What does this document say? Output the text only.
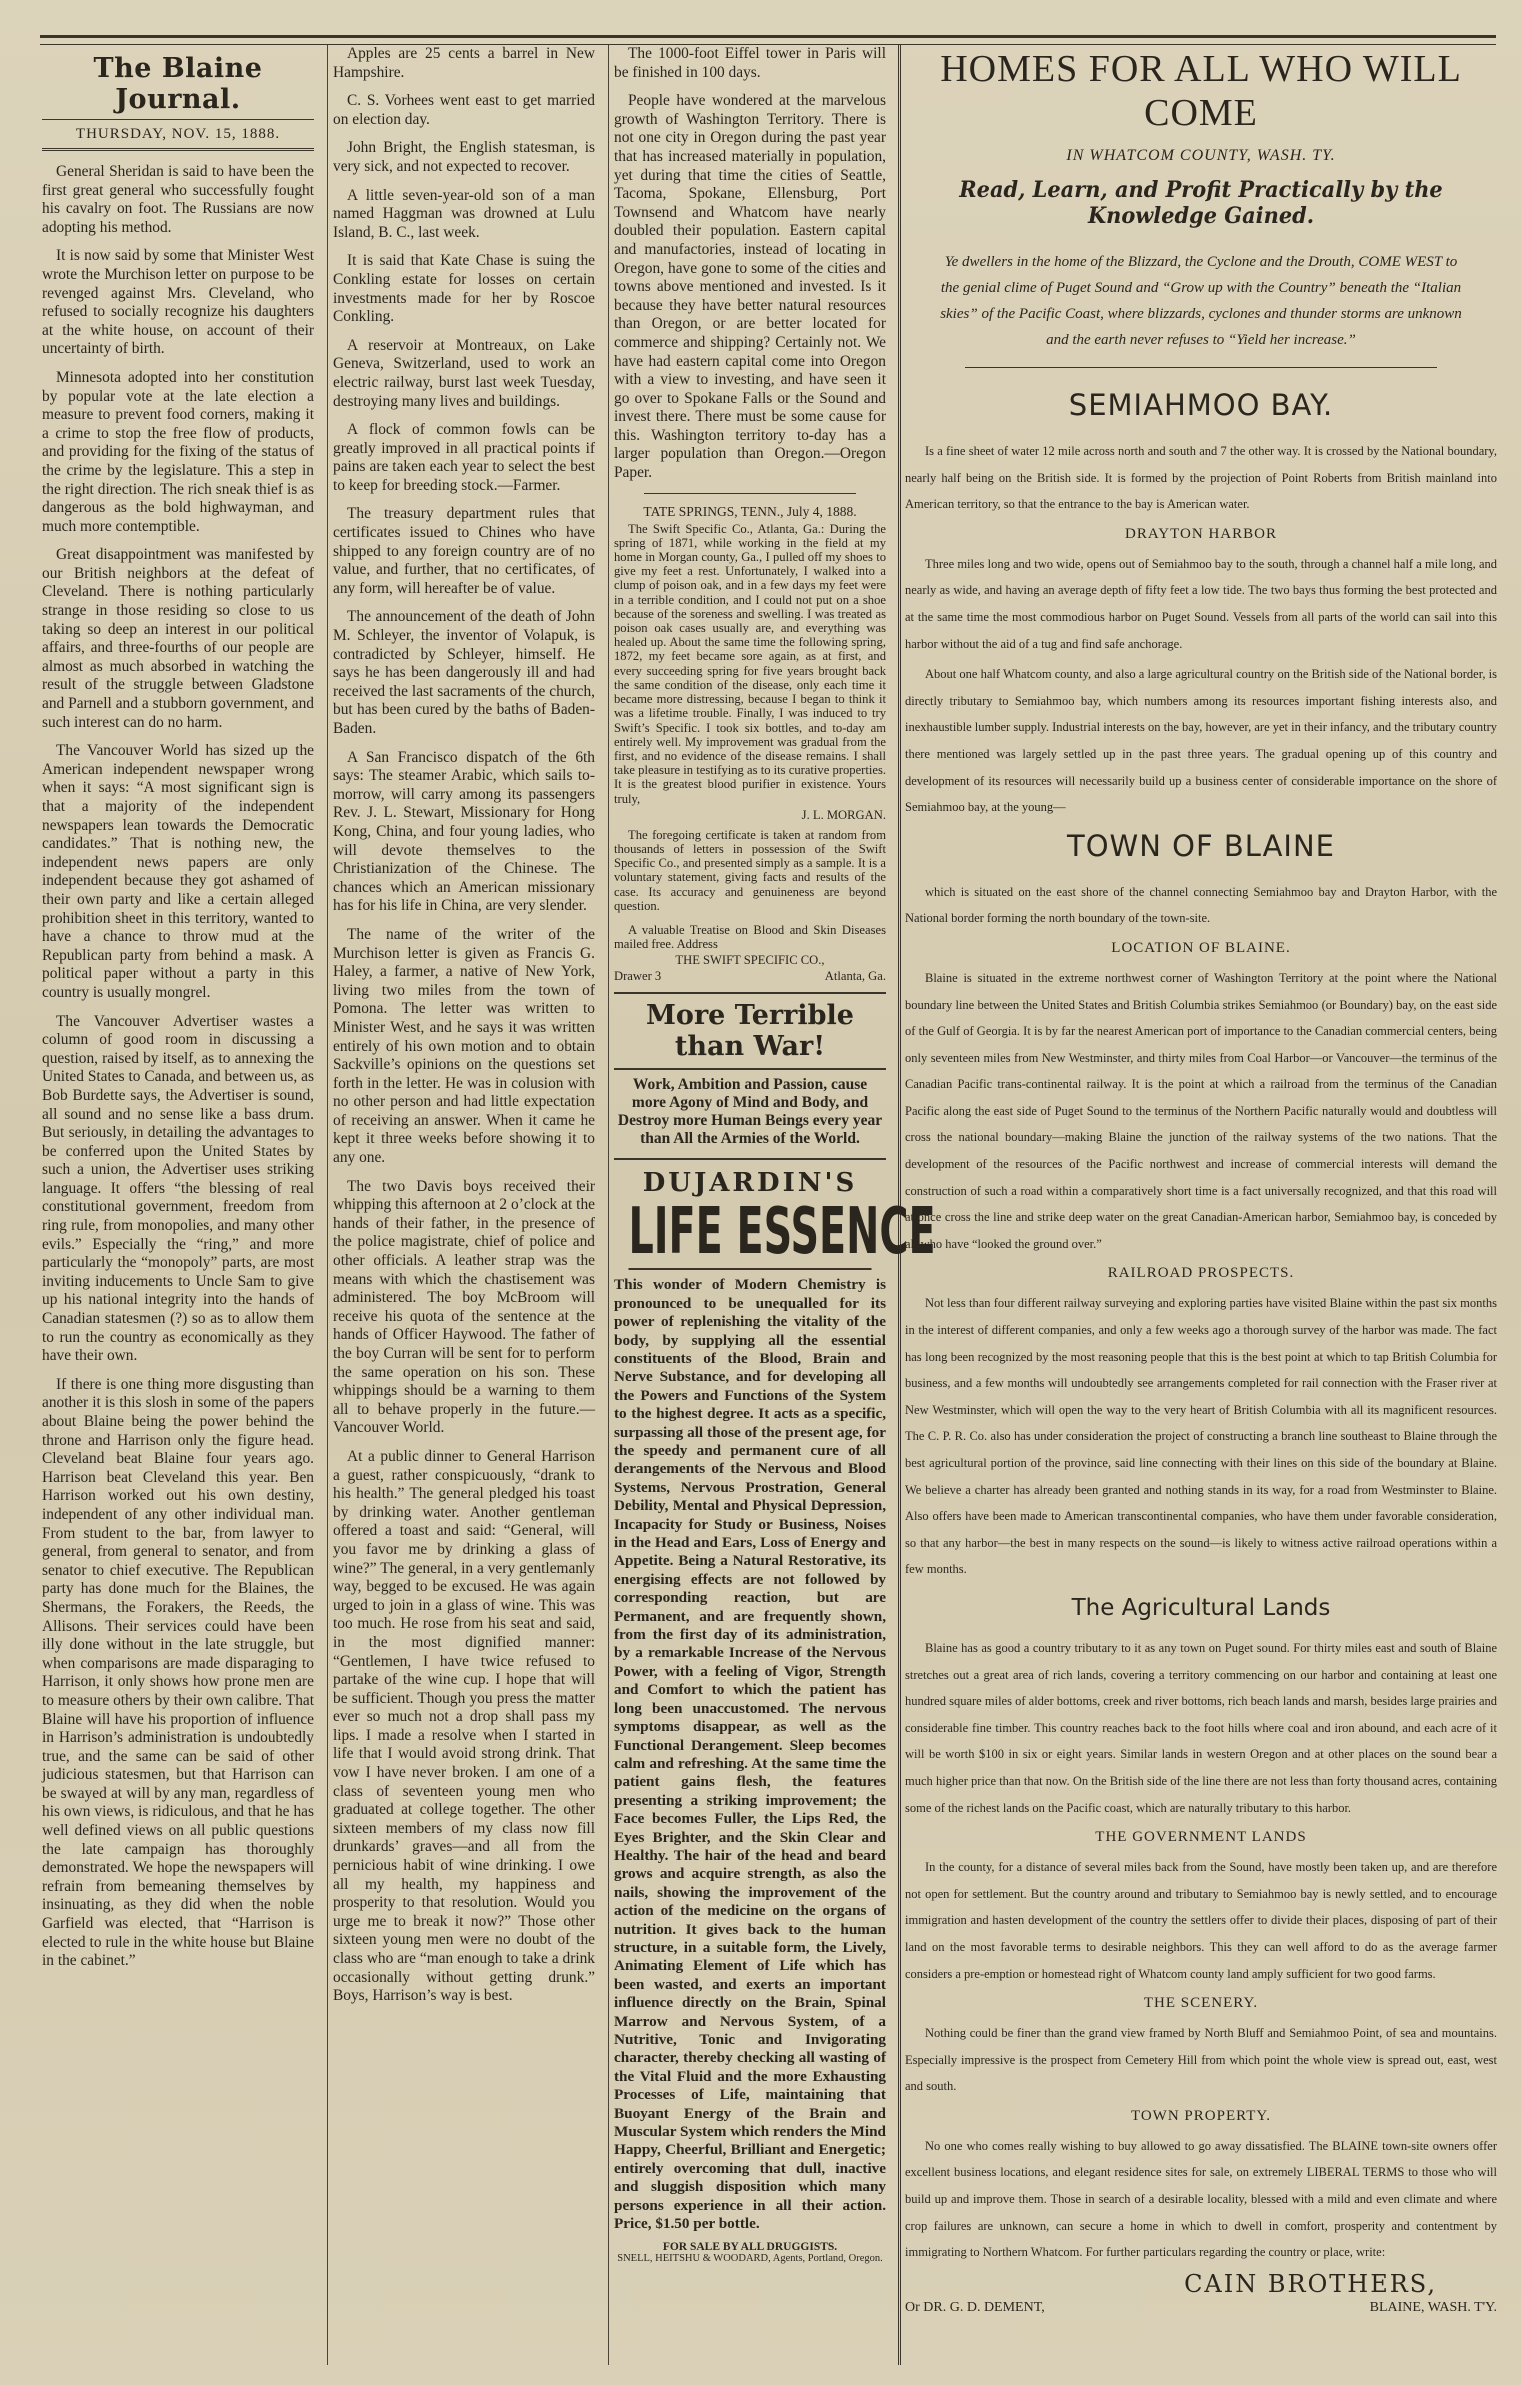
The Blaine Journal.
THURSDAY, NOV. 15, 1888.

General Sheridan is said to have been the first great general who successfully fought his cavalry on foot. The Russians are now adopting his method.

It is now said by some that Minister West wrote the Murchison letter on purpose to be revenged against Mrs. Cleveland, who refused to socially recognize his daughters at the white house, on account of their uncertainty of birth.

Minnesota adopted into her constitution by popular vote at the late election a measure to prevent food corners, making it a crime to stop the free flow of products, and providing for the fixing of the status of the crime by the legislature. This a step in the right direction. The rich sneak thief is as dangerous as the bold highwayman, and much more contemptible.

Great disappointment was manifested by our British neighbors at the defeat of Cleveland. There is nothing particularly strange in those residing so close to us taking so deep an interest in our political affairs, and three-fourths of our people are almost as much absorbed in watching the result of the struggle between Gladstone and Parnell and a stubborn government, and such interest can do no harm.

The Vancouver World has sized up the American independent newspaper wrong when it says: “A most significant sign is that a majority of the independent newspapers lean towards the Democratic candidates.” That is nothing new, the independent news papers are only independent because they got ashamed of their own party and like a certain alleged prohibition sheet in this territory, wanted to have a chance to throw mud at the Republican party from behind a mask. A political paper without a party in this country is usually mongrel.

The Vancouver Advertiser wastes a column of good room in discussing a question, raised by itself, as to annexing the United States to Canada, and between us, as Bob Burdette says, the Advertiser is sound, all sound and no sense like a bass drum. But seriously, in detailing the advantages to be conferred upon the United States by such a union, the Advertiser uses striking language. It offers “the blessing of real constitutional government, freedom from ring rule, from monopolies, and many other evils.” Especially the “ring,” and more particularly the “monopoly” parts, are most inviting inducements to Uncle Sam to give up his national integrity into the hands of Canadian statesmen (?) so as to allow them to run the country as economically as they have their own.

If there is one thing more disgusting than another it is this slosh in some of the papers about Blaine being the power behind the throne and Harrison only the figure head. Cleveland beat Blaine four years ago. Harrison beat Cleveland this year. Ben Harrison worked out his own destiny, independent of any other individual man. From student to the bar, from lawyer to general, from general to senator, and from senator to chief executive. The Republican party has done much for the Blaines, the Shermans, the Forakers, the Reeds, the Allisons. Their services could have been illy done without in the late struggle, but when comparisons are made disparaging to Harrison, it only shows how prone men are to measure others by their own calibre. That Blaine will have his proportion of influence in Harrison’s administration is undoubtedly true, and the same can be said of other judicious statesmen, but that Harrison can be swayed at will by any man, regardless of his own views, is ridiculous, and that he has well defined views on all public questions the late campaign has thoroughly demonstrated. We hope the newspapers will refrain from bemeaning themselves by insinuating, as they did when the noble Garfield was elected, that “Harrison is elected to rule in the white house but Blaine in the cabinet.”

Apples are 25 cents a barrel in New Hampshire.

C. S. Vorhees went east to get married on election day.

John Bright, the English statesman, is very sick, and not expected to recover.

A little seven-year-old son of a man named Haggman was drowned at Lulu Island, B. C., last week.

It is said that Kate Chase is suing the Conkling estate for losses on certain investments made for her by Roscoe Conkling.

A reservoir at Montreaux, on Lake Geneva, Switzerland, used to work an electric railway, burst last week Tuesday, destroying many lives and buildings.

A flock of common fowls can be greatly improved in all practical points if pains are taken each year to select the best to keep for breeding stock.—Farmer.

The treasury department rules that certificates issued to Chines who have shipped to any foreign country are of no value, and further, that no certificates, of any form, will hereafter be of value.

The announcement of the death of John M. Schleyer, the inventor of Volapuk, is contradicted by Schleyer, himself. He says he has been dangerously ill and had received the last sacraments of the church, but has been cured by the baths of Baden-Baden.

A San Francisco dispatch of the 6th says: The steamer Arabic, which sails to-morrow, will carry among its passengers Rev. J. L. Stewart, Missionary for Hong Kong, China, and four young ladies, who will devote themselves to the Christianization of the Chinese. The chances which an American missionary has for his life in China, are very slender.

The name of the writer of the Murchison letter is given as Francis G. Haley, a farmer, a native of New York, living two miles from the town of Pomona. The letter was written to Minister West, and he says it was written entirely of his own motion and to obtain Sackville’s opinions on the questions set forth in the letter. He was in colusion with no other person and had little expectation of receiving an answer. When it came he kept it three weeks before showing it to any one.

The two Davis boys received their whipping this afternoon at 2 o’clock at the hands of their father, in the presence of the police magistrate, chief of police and other officials. A leather strap was the means with which the chastisement was administered. The boy McBroom will receive his quota of the sentence at the hands of Officer Haywood. The father of the boy Curran will be sent for to perform the same operation on his son. These whippings should be a warning to them all to behave properly in the future.—Vancouver World.

At a public dinner to General Harrison a guest, rather conspicuously, “drank to his health.” The general pledged his toast by drinking water. Another gentleman offered a toast and said: “General, will you favor me by drinking a glass of wine?” The general, in a very gentlemanly way, begged to be excused. He was again urged to join in a glass of wine. This was too much. He rose from his seat and said, in the most dignified manner: “Gentlemen, I have twice refused to partake of the wine cup. I hope that will be sufficient. Though you press the matter ever so much not a drop shall pass my lips. I made a resolve when I started in life that I would avoid strong drink. That vow I have never broken. I am one of a class of seventeen young men who graduated at college together. The other sixteen members of my class now fill drunkards’ graves—and all from the pernicious habit of wine drinking. I owe all my health, my happiness and prosperity to that resolution. Would you urge me to break it now?” Those other sixteen young men were no doubt of the class who are “man enough to take a drink occasionally without getting drunk.” Boys, Harrison’s way is best.

The 1000-foot Eiffel tower in Paris will be finished in 100 days.

People have wondered at the marvelous growth of Washington Territory. There is not one city in Oregon during the past year that has increased materially in population, yet during that time the cities of Seattle, Tacoma, Spokane, Ellensburg, Port Townsend and Whatcom have nearly doubled their population. Eastern capital and manufactories, instead of locating in Oregon, have gone to some of the cities and towns above mentioned and invested. Is it because they have better natural resources than Oregon, or are better located for commerce and shipping? Certainly not. We have had eastern capital come into Oregon with a view to investing, and have seen it go over to Spokane Falls or the Sound and invest there. There must be some cause for this. Washington territory to-day has a larger population than Oregon.—Oregon Paper.

TATE SPRINGS, TENN., July 4, 1888.

The Swift Specific Co., Atlanta, Ga.: During the spring of 1871, while working in the field at my home in Morgan county, Ga., I pulled off my shoes to give my feet a rest. Unfortunately, I walked into a clump of poison oak, and in a few days my feet were in a terrible condition, and I could not put on a shoe because of the soreness and swelling. I was treated as poison oak cases usually are, and everything was healed up. About the same time the following spring, 1872, my feet became sore again, as at first, and every succeeding spring for five years brought back the same condition of the disease, only each time it became more distressing, because I began to think it was a lifetime trouble. Finally, I was induced to try Swift’s Specific. I took six bottles, and to-day am entirely well. My improvement was gradual from the first, and no evidence of the disease remains. I shall take pleasure in testifying as to its curative properties. It is the greatest blood purifier in existence. Yours truly,

J. L. MORGAN.

The foregoing certificate is taken at random from thousands of letters in possession of the Swift Specific Co., and presented simply as a sample. It is a voluntary statement, giving facts and results of the case. Its accuracy and genuineness are beyond question.

A valuable Treatise on Blood and Skin Diseases mailed free. Address

THE SWIFT SPECIFIC CO.,
Drawer 3	Atlanta, Ga.
More Terrible than War!
Work, Ambition and Passion, cause more Agony of Mind and Body, and Destroy more Human Beings every year than All the Armies of the World.
DUJARDIN'S
LIFE ESSENCE
This wonder of Modern Chemistry is pronounced to be unequalled for its power of replenishing the vitality of the body, by supplying all the essential constituents of the Blood, Brain and Nerve Substance, and for developing all the Powers and Functions of the System to the highest degree. It acts as a specific, surpassing all those of the present age, for the speedy and permanent cure of all derangements of the Nervous and Blood Systems, Nervous Prostration, General Debility, Mental and Physical Depression, Incapacity for Study or Business, Noises in the Head and Ears, Loss of Energy and Appetite. Being a Natural Restorative, its energising effects are not followed by corresponding reaction, but are Permanent, and are frequently shown, from the first day of its administration, by a remarkable Increase of the Nervous Power, with a feeling of Vigor, Strength and Comfort to which the patient has long been unaccustomed. The nervous symptoms disappear, as well as the Functional Derangement. Sleep becomes calm and refreshing. At the same time the patient gains flesh, the features presenting a striking improvement; the Face becomes Fuller, the Lips Red, the Eyes Brighter, and the Skin Clear and Healthy. The hair of the head and beard grows and acquire strength, as also the nails, showing the improvement of the action of the medicine on the organs of nutrition. It gives back to the human structure, in a suitable form, the Lively, Animating Element of Life which has been wasted, and exerts an important influence directly on the Brain, Spinal Marrow and Nervous System, of a Nutritive, Tonic and Invigorating character, thereby checking all wasting of the Vital Fluid and the more Exhausting Processes of Life, maintaining that Buoyant Energy of the Brain and Muscular System which renders the Mind Happy, Cheerful, Brilliant and Energetic; entirely overcoming that dull, inactive and sluggish disposition which many persons experience in all their action. Price, $1.50 per bottle.
FOR SALE BY ALL DRUGGISTS.
SNELL, HEITSHU & WOODARD, Agents, Portland, Oregon.
HOMES FOR ALL WHO WILL COME
IN WHATCOM COUNTY, WASH. TY.
Read, Learn, and Profit Practically by the Knowledge Gained.
Ye dwellers in the home of the Blizzard, the Cyclone and the Drouth, COME WEST to the genial clime of Puget Sound and “Grow up with the Country” beneath the “Italian skies” of the Pacific Coast, where blizzards, cyclones and thunder storms are unknown and the earth never refuses to “Yield her increase.”
SEMIAHMOO BAY.

Is a fine sheet of water 12 mile across north and south and 7 the other way. It is crossed by the National boundary, nearly half being on the British side. It is formed by the projection of Point Roberts from British mainland into American territory, so that the entrance to the bay is American water.

DRAYTON HARBOR

Three miles long and two wide, opens out of Semiahmoo bay to the south, through a channel half a mile long, and nearly as wide, and having an average depth of fifty feet a low tide. The two bays thus forming the best protected and at the same time the most commodious harbor on Puget Sound. Vessels from all parts of the world can sail into this harbor without the aid of a tug and find safe anchorage.

About one half Whatcom county, and also a large agricultural country on the British side of the National border, is directly tributary to Semiahmoo bay, which numbers among its resources important fishing interests also, and inexhaustible lumber supply. Industrial interests on the bay, however, are yet in their infancy, and the tributary country there mentioned was largely settled up in the past three years. The gradual opening up of this country and development of its resources will necessarily build up a business center of considerable importance on the shore of Semiahmoo bay, at the young—

TOWN OF BLAINE

which is situated on the east shore of the channel connecting Semiahmoo bay and Drayton Harbor, with the National border forming the north boundary of the town-site.

LOCATION OF BLAINE.

Blaine is situated in the extreme northwest corner of Washington Territory at the point where the National boundary line between the United States and British Columbia strikes Semiahmoo (or Boundary) bay, on the east side of the Gulf of Georgia. It is by far the nearest American port of importance to the Canadian commercial centers, being only seventeen miles from New Westminster, and thirty miles from Coal Harbor—or Vancouver—the terminus of the Canadian Pacific trans-continental railway. It is the point at which a railroad from the terminus of the Canadian Pacific along the east side of Puget Sound to the terminus of the Northern Pacific naturally would and doubtless will cross the national boundary—making Blaine the junction of the railway systems of the two nations. That the development of the resources of the Pacific northwest and increase of commercial interests will demand the construction of such a road within a comparatively short time is a fact universally recognized, and that this road will at once cross the line and strike deep water on the great Canadian-American harbor, Semiahmoo bay, is conceded by all who have “looked the ground over.”

RAILROAD PROSPECTS.

Not less than four different railway surveying and exploring parties have visited Blaine within the past six months in the interest of different companies, and only a few weeks ago a thorough survey of the harbor was made. The fact has long been recognized by the most reasoning people that this is the best point at which to tap British Columbia for business, and a few months will undoubtedly see arrangements completed for rail connection with the Fraser river at New Westminster, which will open the way to the very heart of British Columbia with all its magnificent resources. The C. P. R. Co. also has under consideration the project of constructing a branch line southeast to Blaine through the best agricultural portion of the province, said line connecting with their lines on this side of the boundary at Blaine. We believe a charter has already been granted and nothing stands in its way, for a road from Westminster to Blaine. Also offers have been made to American transcontinental companies, who have them under favorable consideration, so that any harbor—the best in many respects on the sound—is likely to witness active railroad operations within a few months.

The Agricultural Lands

Blaine has as good a country tributary to it as any town on Puget sound. For thirty miles east and south of Blaine stretches out a great area of rich lands, covering a territory commencing on our harbor and containing at least one hundred square miles of alder bottoms, creek and river bottoms, rich beach lands and marsh, besides large prairies and considerable fine timber. This country reaches back to the foot hills where coal and iron abound, and each acre of it will be worth $100 in six or eight years. Similar lands in western Oregon and at other places on the sound bear a much higher price than that now. On the British side of the line there are not less than forty thousand acres, containing some of the richest lands on the Pacific coast, which are naturally tributary to this harbor.

THE GOVERNMENT LANDS

In the county, for a distance of several miles back from the Sound, have mostly been taken up, and are therefore not open for settlement. But the country around and tributary to Semiahmoo bay is newly settled, and to encourage immigration and hasten development of the country the settlers offer to divide their places, disposing of part of their land on the most favorable terms to desirable neighbors. This they can well afford to do as the average farmer considers a pre-emption or homestead right of Whatcom county land amply sufficient for two good farms.

THE SCENERY.

Nothing could be finer than the grand view framed by North Bluff and Semiahmoo Point, of sea and mountains. Especially impressive is the prospect from Cemetery Hill from which point the whole view is spread out, east, west and south.

TOWN PROPERTY.

No one who comes really wishing to buy allowed to go away dissatisfied. The BLAINE town-site owners offer excellent business locations, and elegant residence sites for sale, on extremely LIBERAL TERMS to those who will build up and improve them. Those in search of a desirable locality, blessed with a mild and even climate and where crop failures are unknown, can secure a home in which to dwell in comfort, prosperity and contentment by immigrating to Northern Whatcom. For further particulars regarding the country or place, write:

CAIN BROTHERS,
Or DR. G. D. DEMENT,	BLAINE, WASH. T'Y.
